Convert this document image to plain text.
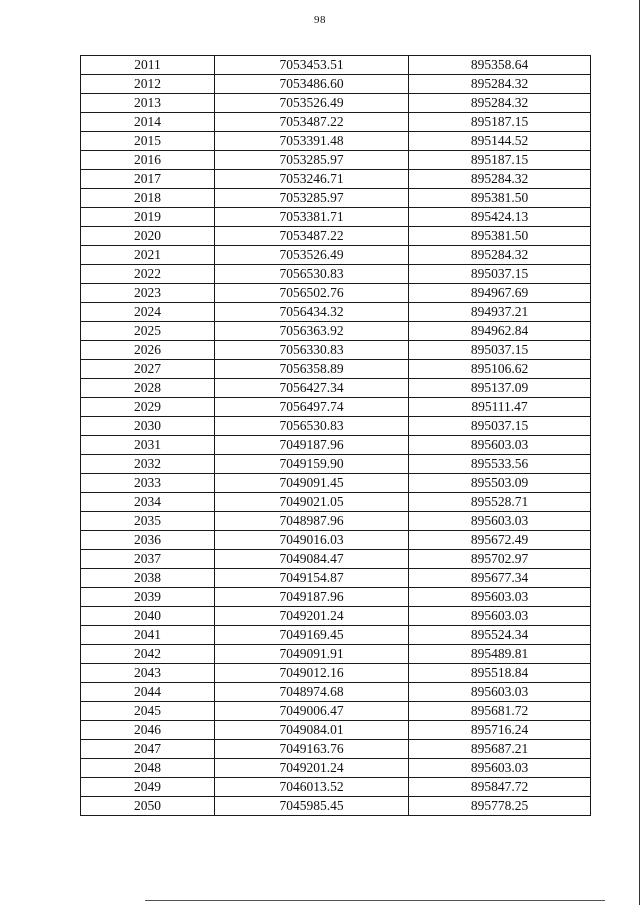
98
2011	7053453.51	895358.64
2012	7053486.60	895284.32
2013	7053526.49	895284.32
2014	7053487.22	895187.15
2015	7053391.48	895144.52
2016	7053285.97	895187.15
2017	7053246.71	895284.32
2018	7053285.97	895381.50
2019	7053381.71	895424.13
2020	7053487.22	895381.50
2021	7053526.49	895284.32
2022	7056530.83	895037.15
2023	7056502.76	894967.69
2024	7056434.32	894937.21
2025	7056363.92	894962.84
2026	7056330.83	895037.15
2027	7056358.89	895106.62
2028	7056427.34	895137.09
2029	7056497.74	895111.47
2030	7056530.83	895037.15
2031	7049187.96	895603.03
2032	7049159.90	895533.56
2033	7049091.45	895503.09
2034	7049021.05	895528.71
2035	7048987.96	895603.03
2036	7049016.03	895672.49
2037	7049084.47	895702.97
2038	7049154.87	895677.34
2039	7049187.96	895603.03
2040	7049201.24	895603.03
2041	7049169.45	895524.34
2042	7049091.91	895489.81
2043	7049012.16	895518.84
2044	7048974.68	895603.03
2045	7049006.47	895681.72
2046	7049084.01	895716.24
2047	7049163.76	895687.21
2048	7049201.24	895603.03
2049	7046013.52	895847.72
2050	7045985.45	895778.25
